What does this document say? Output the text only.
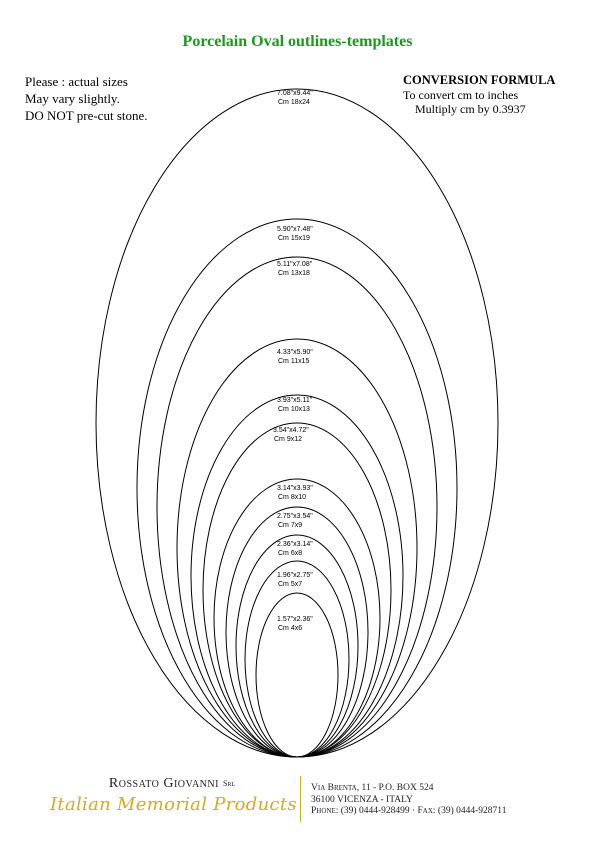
Porcelain Oval outlines-templates
Please : actual sizes
May vary slightly.
DO NOT pre-cut stone.
CONVERSION FORMULA
To convert cm to inches
Multiply cm by 0.3937
7.08"x9.44"
Cm 18x24
5.90"x7.48"
Cm 15x19
5.11"x7.08"
Cm 13x18
4.33"x5.90"
Cm 11x15
3.93"x5.11"
Cm 10x13
3.54"x4.72"
Cm 9x12
3.14"x3.93"
Cm 8x10
2.75"x3.54"
Cm 7x9
2.36"x3.14"
Cm 6x8
1.96"x2.75"
Cm 5x7
1.57"x2.36"
Cm 4x6
Rossato Giovanni Srl
Italian Memorial Products
Via Brenta, 11 - P.O. BOX 524
36100 VICENZA - ITALY
Phone: (39) 0444-928499 · Fax: (39) 0444-928711
